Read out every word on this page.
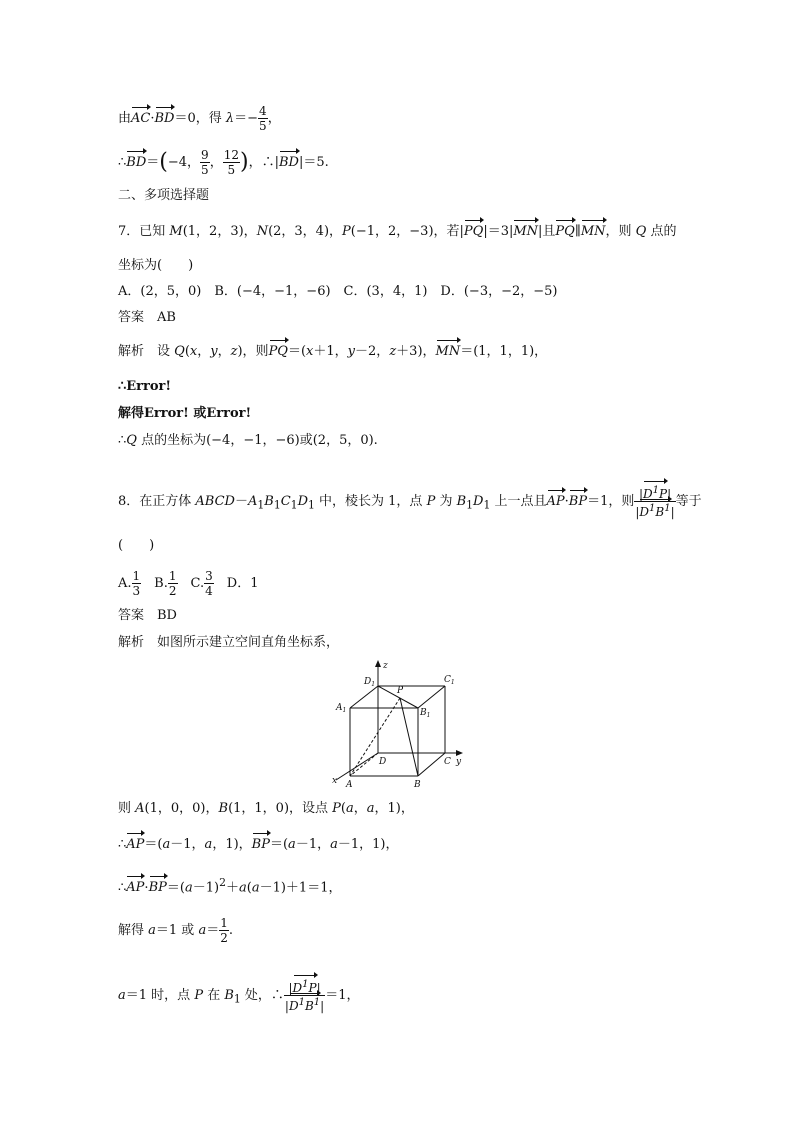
由AC·BD＝0，得 $\lambda=- \frac{4}{5}$ ，
∴BD＝(−4， $\frac{9}{5}$ ， $\frac{12}{5}$ )，∴|BD|＝5.
二、多项选择题
7．已知 M(1，2，3)，N(2，3，4)，P(−1，2，−3)，若|PQ|＝3|MN|且PQ∥MN，则 Q 点的
坐标为(　　)
A．(2，5，0)　B．(−4，−1，−6)　C．(3，4，1)　D．(−3，−2，−5)
答案　AB
解析　设 Q(x，y，z)，则PQ＝(x＋1，y－2，z＋3)，MN＝(1，1，1)，
∴Error!
解得Error! 或Error!
∴Q 点的坐标为(−4，−1，−6)或(2，5，0).
8．在正方体 $ABCD-A_1B_1C_1D_1$ 中，棱长为 1，点 P 为 $B_1D_1$ 上一点且AP·BP＝1，则 $\frac{|D^1P|}{|D^1B^1|}$ 等于
(　　)
A. $\frac{1}{3}$ 　B. $\frac{1}{2}$ 　C. $\frac{3}{4}$ 　D．1
答案　BD
解析　如图所示建立空间直角坐标系，
z
y
x
$D_1$
P
$C_1$
$A_1$	$B_1$
D	C
A	B
则 A(1，0，0)，B(1，1，0)，设点 P(a，a，1)，
∴AP＝(a－1，a，1)，BP＝(a－1，a－1，1)，
$\therefore AP\cdot BP=(a-1)^2+a(a-1)+1=1$，
解得 a＝1 或 $a= \frac{1}{2}$ .
a＝1 时，点 P 在 $B_1$ 处，∴ $\frac{|D^1P|}{|D^1B^1|} =1$，
